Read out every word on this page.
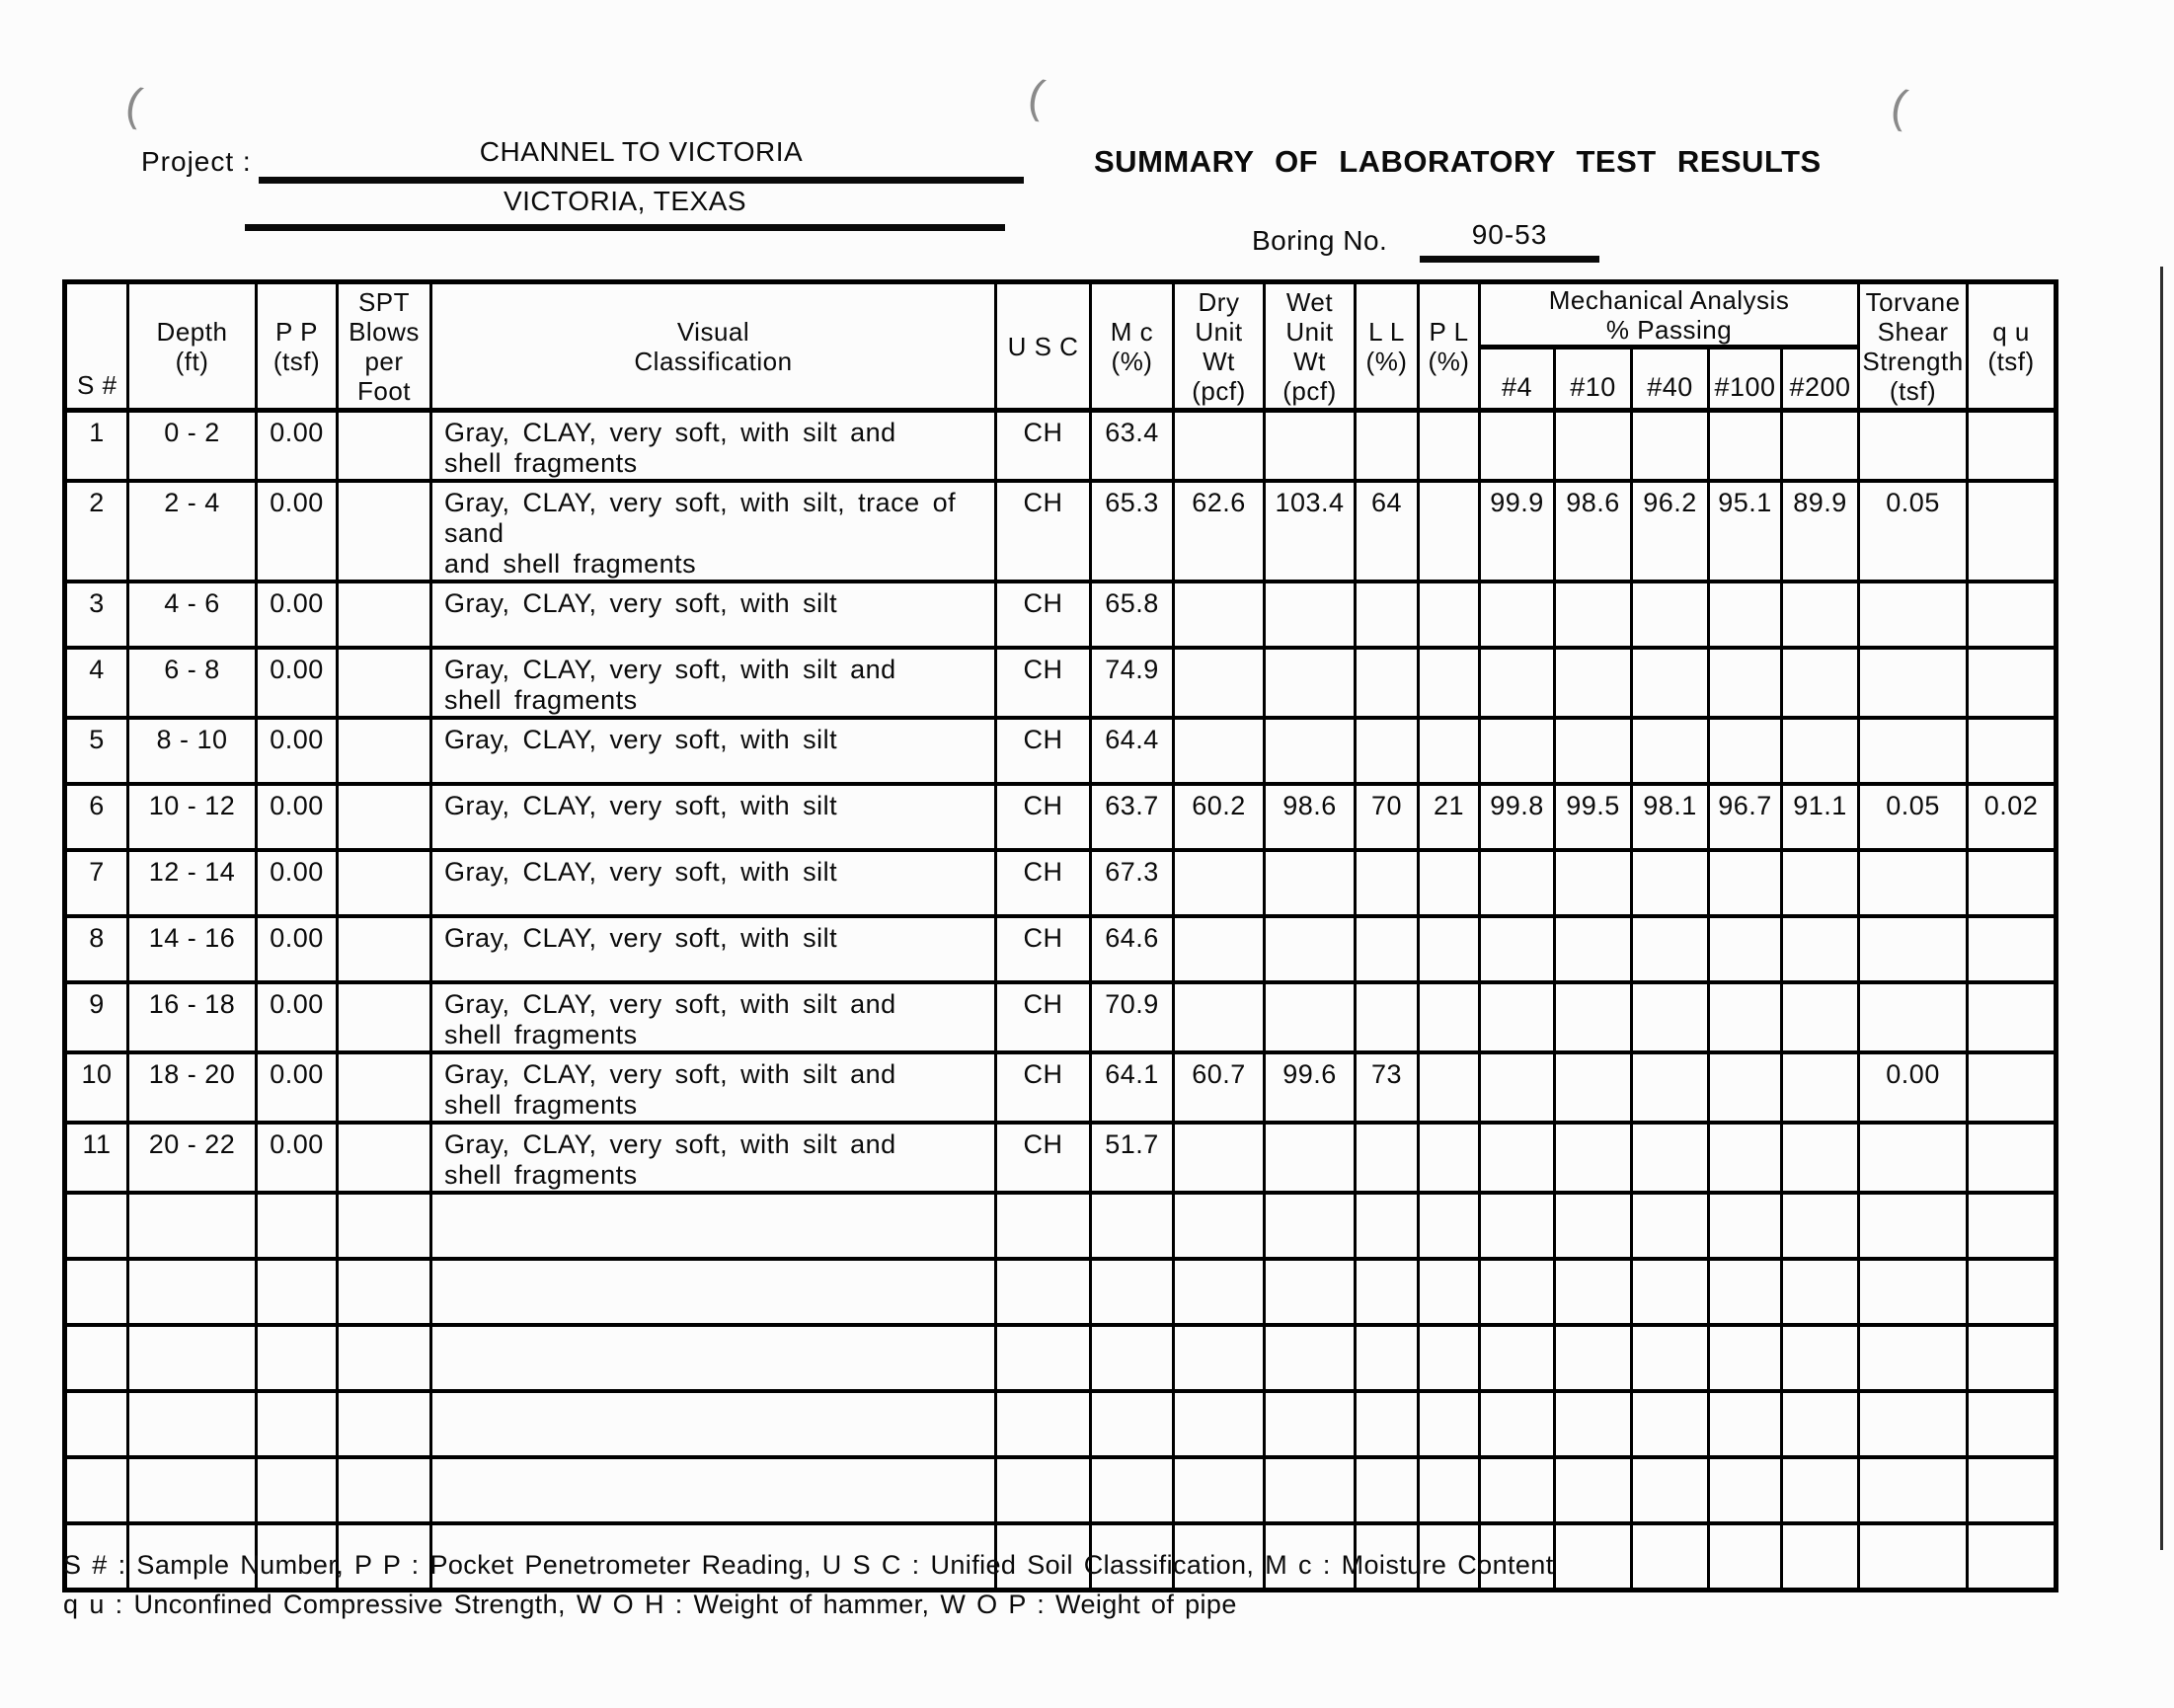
(	(	(
Project :	CHANNEL TO VICTORIA
VICTORIA, TEXAS
SUMMARY OF LABORATORY TEST RESULTS
Boring No.	90-53
S #	Depth
(ft)	P P
(tsf)	SPT
Blows
per
Foot	Visual
Classification	U S C	M c
(%)	Dry
Unit
Wt
(pcf)	Wet
Unit
Wt
(pcf)	L L
(%)	P L
(%)	Mechanical Analysis
% Passing					Torvane
Shear
Strength
(tsf)	q u
(tsf)
											#4	#10	#40	#100	#200		
1	0 - 2	0.00		Gray, CLAY, very soft, with silt and
shell fragments	CH	63.4											
2	2 - 4	0.00		Gray, CLAY, very soft, with silt, trace of sand
and shell fragments	CH	65.3	62.6	103.4	64		99.9	98.6	96.2	95.1	89.9	0.05	
3	4 - 6	0.00		Gray, CLAY, very soft, with silt	CH	65.8											
4	6 - 8	0.00		Gray, CLAY, very soft, with silt and
shell fragments	CH	74.9											
5	8 - 10	0.00		Gray, CLAY, very soft, with silt	CH	64.4											
6	10 - 12	0.00		Gray, CLAY, very soft, with silt	CH	63.7	60.2	98.6	70	21	99.8	99.5	98.1	96.7	91.1	0.05	0.02
7	12 - 14	0.00		Gray, CLAY, very soft, with silt	CH	67.3											
8	14 - 16	0.00		Gray, CLAY, very soft, with silt	CH	64.6											
9	16 - 18	0.00		Gray, CLAY, very soft, with silt and
shell fragments	CH	70.9											
10	18 - 20	0.00		Gray, CLAY, very soft, with silt and
shell fragments	CH	64.1	60.7	99.6	73							0.00	
11	20 - 22	0.00		Gray, CLAY, very soft, with silt and
shell fragments	CH	51.7											

S # : Sample Number, P P : Pocket Penetrometer Reading, U S C : Unified Soil Classification, M c : Moisture Content
q u : Unconfined Compressive Strength, W O H : Weight of hammer, W O P : Weight of pipe
